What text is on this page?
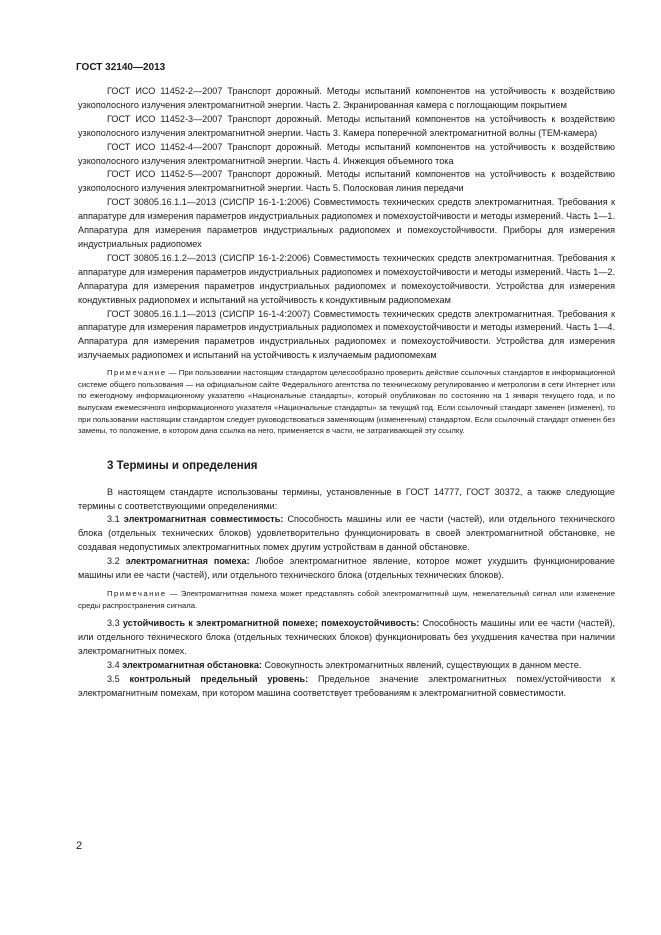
ГОСТ 32140—2013

ГОСТ ИСО 11452-2—2007 Транспорт дорожный. Методы испытаний компонентов на устойчивость к воздействию узкополосного излучения электромагнитной энергии. Часть 2. Экранированная камера с поглощающим покрытием

ГОСТ ИСО 11452-3—2007 Транспорт дорожный. Методы испытаний компонентов на устойчивость к воздействию узкополосного излучения электромагнитной энергии. Часть 3. Камера поперечной электромагнитной волны (ТЕМ-камера)

ГОСТ ИСО 11452-4—2007 Транспорт дорожный. Методы испытаний компонентов на устойчивость к воздействию узкополосного излучения электромагнитной энергии. Часть 4. Инжекция объемного тока

ГОСТ ИСО 11452-5—2007 Транспорт дорожный. Методы испытаний компонентов на устойчивость к воздействию узкополосного излучения электромагнитной энергии. Часть 5. Полосковая линия передачи

ГОСТ 30805.16.1.1—2013 (СИСПР 16-1-1:2006) Совместимость технических средств электромагнитная. Требования к аппаратуре для измерения параметров индустриальных радиопомех и помехоустойчивости и методы измерений. Часть 1—1. Аппаратура для измерения параметров индустриальных радиопомех и помехоустойчивости. Приборы для измерения индустриальных радиопомех

ГОСТ 30805.16.1.2—2013 (СИСПР 16-1-2:2006) Совместимость технических средств электромагнитная. Требования к аппаратуре для измерения параметров индустриальных радиопомех и помехоустойчивости и методы измерений. Часть 1—2. Аппаратура для измерения параметров индустриальных радиопомех и помехоустойчивости. Устройства для измерения кондуктивных радиопомех и испытаний на устойчивость к кондуктивным радиопомехам

ГОСТ 30805.16.1.1—2013 (СИСПР 16-1-4:2007) Совместимость технических средств электромагнитная. Требования к аппаратуре для измерения параметров индустриальных радиопомех и помехоустойчивости и методы измерений. Часть 1—4. Аппаратура для измерения параметров индустриальных радиопомех и помехоустойчивости. Устройства для измерения излучаемых радиопомех и испытаний на устойчивость к излучаемым радиопомехам

Примечание — При пользовании настоящим стандартом целесообразно проверить действие ссылочных стандартов в информационной системе общего пользования — на официальном сайте Федерального агентства по техническому регулированию и метрологии в сети Интернет или по ежегодному информационному указателю «Национальные стандарты», который опубликован по состоянию на 1 января текущего года, и по выпускам ежемесячного информационного указателя «Национальные стандарты» за текущий год. Если ссылочный стандарт заменен (изменен), то при пользовании настоящим стандартом следует руководствоваться заменяющим (измененным) стандартом. Если ссылочный стандарт отменен без замены, то положение, в котором дана ссылка на него, применяется в части, не затрагивающей эту ссылку.

3 Термины и определения

В настоящем стандарте использованы термины, установленные в ГОСТ 14777, ГОСТ 30372, а также следующие термины с соответствующими определениями:

3.1 электромагнитная совместимость: Способность машины или ее части (частей), или отдельного технического блока (отдельных технических блоков) удовлетворительно функционировать в своей электромагнитной обстановке, не создавая недопустимых электромагнитных помех другим устройствам в данной обстановке.

3.2 электромагнитная помеха: Любое электромагнитное явление, которое может ухудшить функционирование машины или ее части (частей), или отдельного технического блока (отдельных технических блоков).

Примечание — Электромагнитная помеха может представлять собой электромагнитный шум, нежелательный сигнал или изменение среды распространения сигнала.

3.3 устойчивость к электромагнитной помехе; помехоустойчивость: Способность машины или ее части (частей), или отдельного технического блока (отдельных технических блоков) функционировать без ухудшения качества при наличии электромагнитных помех.

3.4 электромагнитная обстановка: Совокупность электромагнитных явлений, существующих в данном месте.

3.5 контрольный предельный уровень: Предельное значение электромагнитных помех/устойчивости к электромагнитным помехам, при котором машина соответствует требованиям к электромагнитной совместимости.

2
